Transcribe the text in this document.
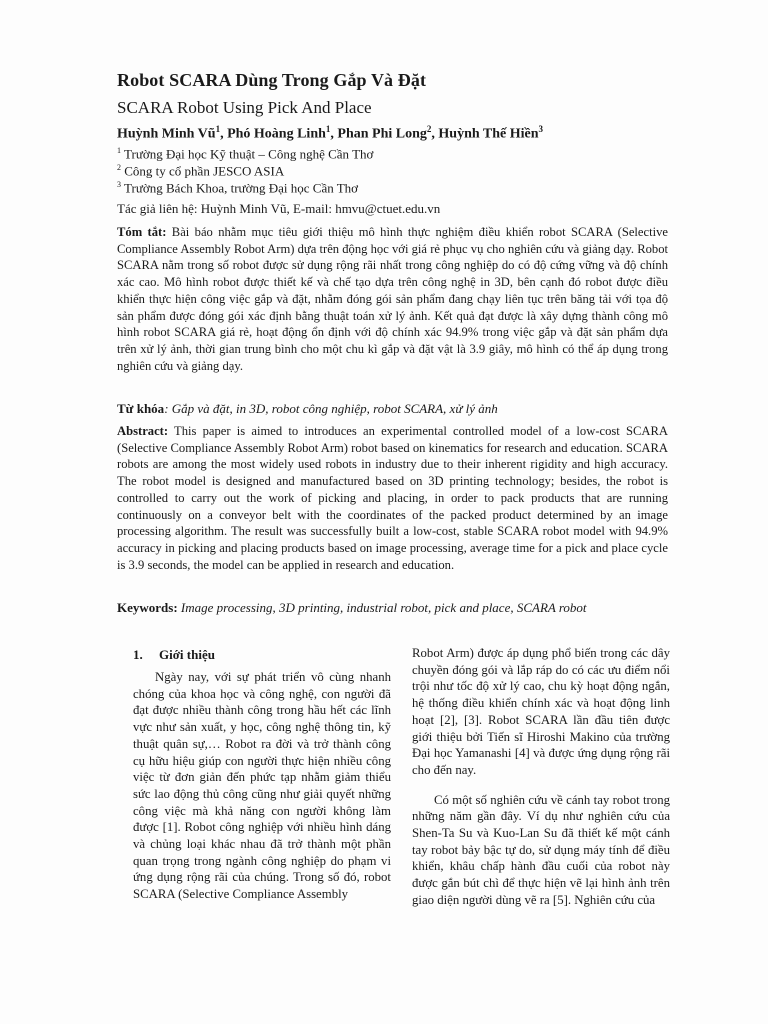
Robot SCARA Dùng Trong Gắp Và Đặt
SCARA Robot Using Pick And Place
Huỳnh Minh $Vũ^1$, Phó Hoàng Linh$^1$, Phan Phi Long$^2$, Huỳnh Thế Hiền$^3$
$^1$ Trường Đại học Kỹ thuật – Công nghệ Cần Thơ
$^2$ Công ty cổ phần JESCO ASIA
$^3$ Trường Bách Khoa, trường Đại học Cần Thơ
Tác giả liên hệ: Huỳnh Minh Vũ, E-mail: hmvu@ctuet.edu.vn
Tóm tắt: Bài báo nhằm mục tiêu giới thiệu mô hình thực nghiệm điều khiển robot SCARA (Selective Compliance Assembly Robot Arm) dựa trên động học với giá rẻ phục vụ cho nghiên cứu và giảng dạy. Robot SCARA nằm trong số robot được sử dụng rộng rãi nhất trong công nghiệp do có độ cứng vững và độ chính xác cao. Mô hình robot được thiết kế và chế tạo dựa trên công nghệ in 3D, bên cạnh đó robot được điều khiển thực hiện công việc gắp và đặt, nhằm đóng gói sản phẩm đang chạy liên tục trên băng tải với tọa độ sản phẩm được đóng gói xác định bằng thuật toán xử lý ảnh. Kết quả đạt được là xây dựng thành công mô hình robot SCARA giá rẻ, hoạt động ổn định với độ chính xác 94.9% trong việc gắp và đặt sản phẩm dựa trên xử lý ảnh, thời gian trung bình cho một chu kì gắp và đặt vật là 3.9 giây, mô hình có thể áp dụng trong nghiên cứu và giảng dạy.
Từ khóa: Gắp và đặt, in 3D, robot công nghiệp, robot SCARA, xử lý ảnh
Abstract: This paper is aimed to introduces an experimental controlled model of a low-cost SCARA (Selective Compliance Assembly Robot Arm) robot based on kinematics for research and education. SCARA robots are among the most widely used robots in industry due to their inherent rigidity and high accuracy. The robot model is designed and manufactured based on 3D printing technology; besides, the robot is controlled to carry out the work of picking and placing, in order to pack products that are running continuously on a conveyor belt with the coordinates of the packed product determined by an image processing algorithm. The result was successfully built a low-cost, stable SCARA robot model with 94.9% accuracy in picking and placing products based on image processing, average time for a pick and place cycle is 3.9 seconds, the model can be applied in research and education.
Keywords: Image processing, 3D printing, industrial robot, pick and place, SCARA robot
1. Giới thiệu

Ngày nay, với sự phát triển vô cùng nhanh chóng của khoa học và công nghệ, con người đã đạt được nhiều thành công trong hầu hết các lĩnh vực như sản xuất, y học, công nghệ thông tin, kỹ thuật quân sự,… Robot ra đời và trở thành công cụ hữu hiệu giúp con người thực hiện nhiều công việc từ đơn giản đến phức tạp nhằm giảm thiểu sức lao động thủ công cũng như giải quyết những công việc mà khả năng con người không làm được [1]. Robot công nghiệp với nhiều hình dáng và chủng loại khác nhau đã trở thành một phần quan trọng trong ngành công nghiệp do phạm vi ứng dụng rộng rãi của chúng. Trong số đó, robot SCARA (Selective Compliance Assembly

Robot Arm) được áp dụng phổ biến trong các dây chuyền đóng gói và lắp ráp do có các ưu điểm nổi trội như tốc độ xử lý cao, chu kỳ hoạt động ngắn, hệ thống điều khiển chính xác và hoạt động linh hoạt [2], [3]. Robot SCARA lần đầu tiên được giới thiệu bởi Tiến sĩ Hiroshi Makino của trường Đại học Yamanashi [4] và được ứng dụng rộng rãi cho đến nay.

Có một số nghiên cứu về cánh tay robot trong những năm gần đây. Ví dụ như nghiên cứu của Shen-Ta Su và Kuo-Lan Su đã thiết kế một cánh tay robot bảy bậc tự do, sử dụng máy tính để điều khiển, khâu chấp hành đầu cuối của robot này được gắn bút chì để thực hiện vẽ lại hình ảnh trên giao diện người dùng vẽ ra [5]. Nghiên cứu của
